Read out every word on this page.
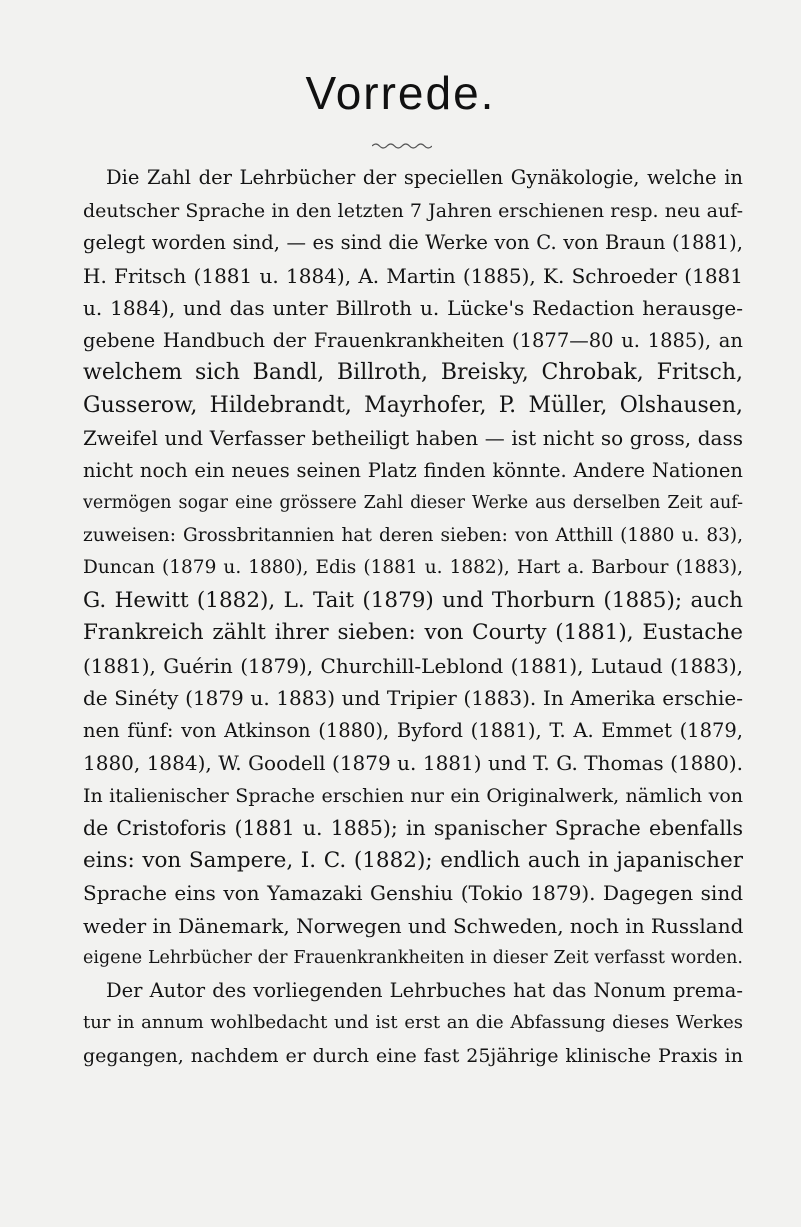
Vorrede.
Die Zahl der Lehrbücher der speciellen Gynäkologie, welche in
deutscher Sprache in den letzten 7 Jahren erschienen resp. neu auf-
gelegt worden sind, — es sind die Werke von C. von Braun (1881),
H. Fritsch (1881 u. 1884), A. Martin (1885), K. Schroeder (1881
u. 1884), und das unter Billroth u. Lücke's Redaction herausge-
gebene Handbuch der Frauenkrankheiten (1877—80 u. 1885), an
welchem sich Bandl, Billroth, Breisky, Chrobak, Fritsch,
Gusserow, Hildebrandt, Mayrhofer, P. Müller, Olshausen,
Zweifel und Verfasser betheiligt haben — ist nicht so gross, dass
nicht noch ein neues seinen Platz finden könnte. Andere Nationen
vermögen sogar eine grössere Zahl dieser Werke aus derselben Zeit auf-
zuweisen: Grossbritannien hat deren sieben: von Atthill (1880 u. 83),
Duncan (1879 u. 1880), Edis (1881 u. 1882), Hart a. Barbour (1883),
G. Hewitt (1882), L. Tait (1879) und Thorburn (1885); auch
Frankreich zählt ihrer sieben: von Courty (1881), Eustache
(1881), Guérin (1879), Churchill-Leblond (1881), Lutaud (1883),
de Sinéty (1879 u. 1883) und Tripier (1883). In Amerika erschie-
nen fünf: von Atkinson (1880), Byford (1881), T. A. Emmet (1879,
1880, 1884), W. Goodell (1879 u. 1881) und T. G. Thomas (1880).
In italienischer Sprache erschien nur ein Originalwerk, nämlich von
de Cristoforis (1881 u. 1885); in spanischer Sprache ebenfalls
eins: von Sampere, I. C. (1882); endlich auch in japanischer
Sprache eins von Yamazaki Genshiu (Tokio 1879). Dagegen sind
weder in Dänemark, Norwegen und Schweden, noch in Russland
eigene Lehrbücher der Frauenkrankheiten in dieser Zeit verfasst worden.
Der Autor des vorliegenden Lehrbuches hat das Nonum prema-
tur in annum wohlbedacht und ist erst an die Abfassung dieses Werkes
gegangen, nachdem er durch eine fast 25jährige klinische Praxis in
